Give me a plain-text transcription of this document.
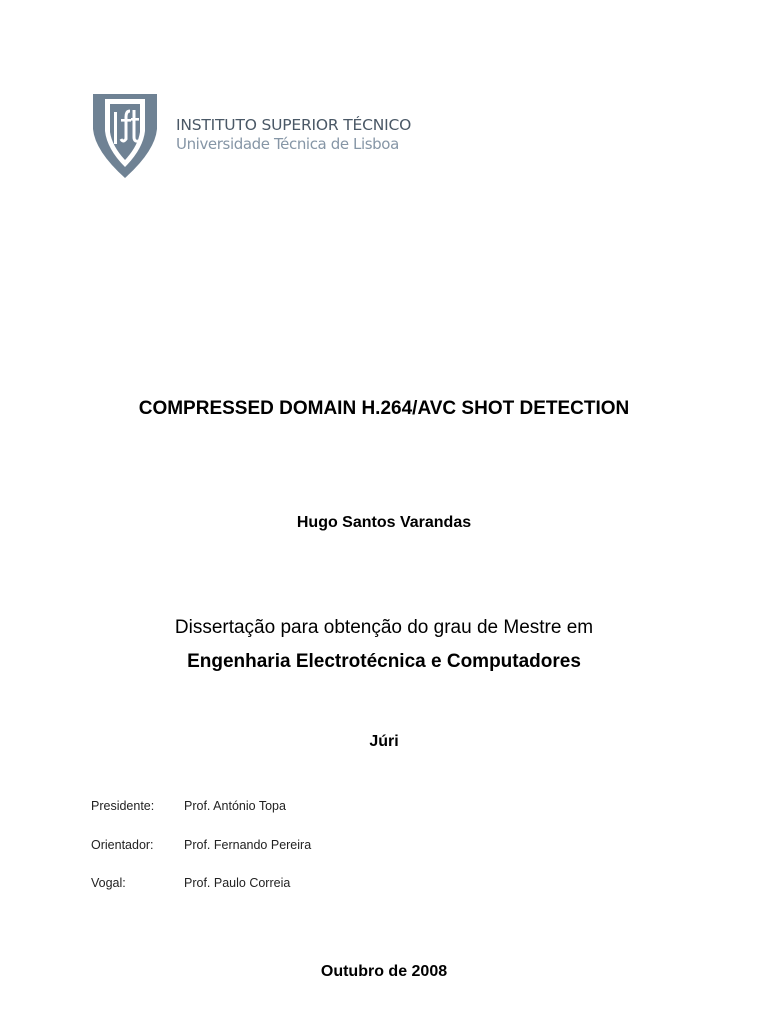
INSTITUTO SUPERIOR TÉCNICO
Universidade Técnica de Lisboa
COMPRESSED DOMAIN H.264/AVC SHOT DETECTION
Hugo Santos Varandas
Dissertação para obtenção do grau de Mestre em
Engenharia Electrotécnica e Computadores
Júri
Presidente: Prof. António Topa
Orientador: Prof. Fernando Pereira
Vogal:	Prof. Paulo Correia
Outubro de 2008
